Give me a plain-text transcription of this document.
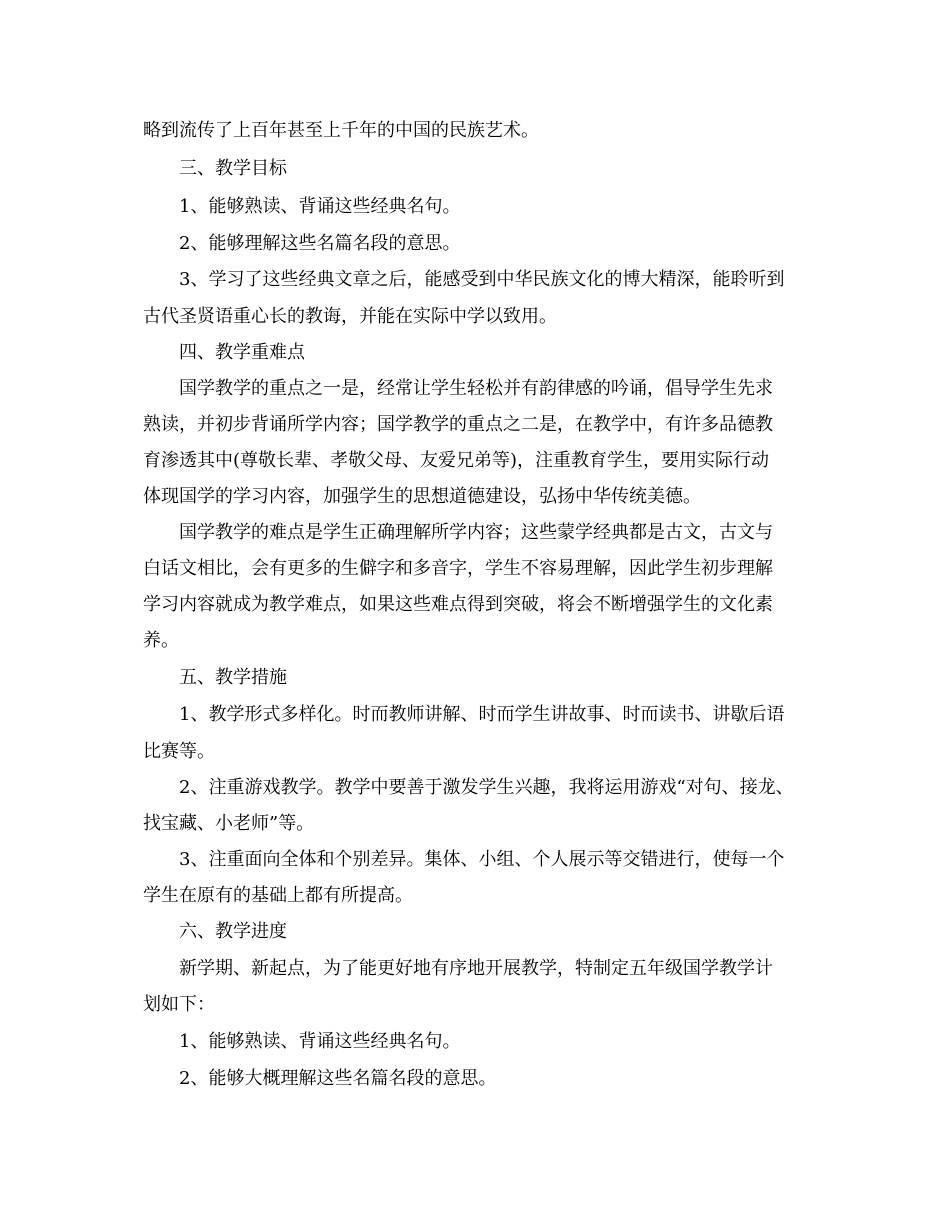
略到流传了上百年甚至上千年的中国的民族艺术。
三、教学目标
1、能够熟读、背诵这些经典名句。
2、能够理解这些名篇名段的意思。
3、学习了这些经典文章之后，能感受到中华民族文化的博大精深，能聆听到
古代圣贤语重心长的教诲，并能在实际中学以致用。
四、教学重难点
国学教学的重点之一是，经常让学生轻松并有韵律感的吟诵，倡导学生先求
熟读，并初步背诵所学内容；国学教学的重点之二是，在教学中，有许多品德教
育渗透其中(尊敬长辈、孝敬父母、友爱兄弟等)，注重教育学生，要用实际行动
体现国学的学习内容，加强学生的思想道德建设，弘扬中华传统美德。
国学教学的难点是学生正确理解所学内容；这些蒙学经典都是古文，古文与
白话文相比，会有更多的生僻字和多音字，学生不容易理解，因此学生初步理解
学习内容就成为教学难点，如果这些难点得到突破，将会不断增强学生的文化素
养。
五、教学措施
1、教学形式多样化。时而教师讲解、时而学生讲故事、时而读书、讲歇后语
比赛等。
2、注重游戏教学。教学中要善于激发学生兴趣，我将运用游戏“对句、接龙、
找宝藏、小老师”等。
3、注重面向全体和个别差异。集体、小组、个人展示等交错进行，使每一个
学生在原有的基础上都有所提高。
六、教学进度
新学期、新起点，为了能更好地有序地开展教学，特制定五年级国学教学计
划如下：
1、能够熟读、背诵这些经典名句。
2、能够大概理解这些名篇名段的意思。
